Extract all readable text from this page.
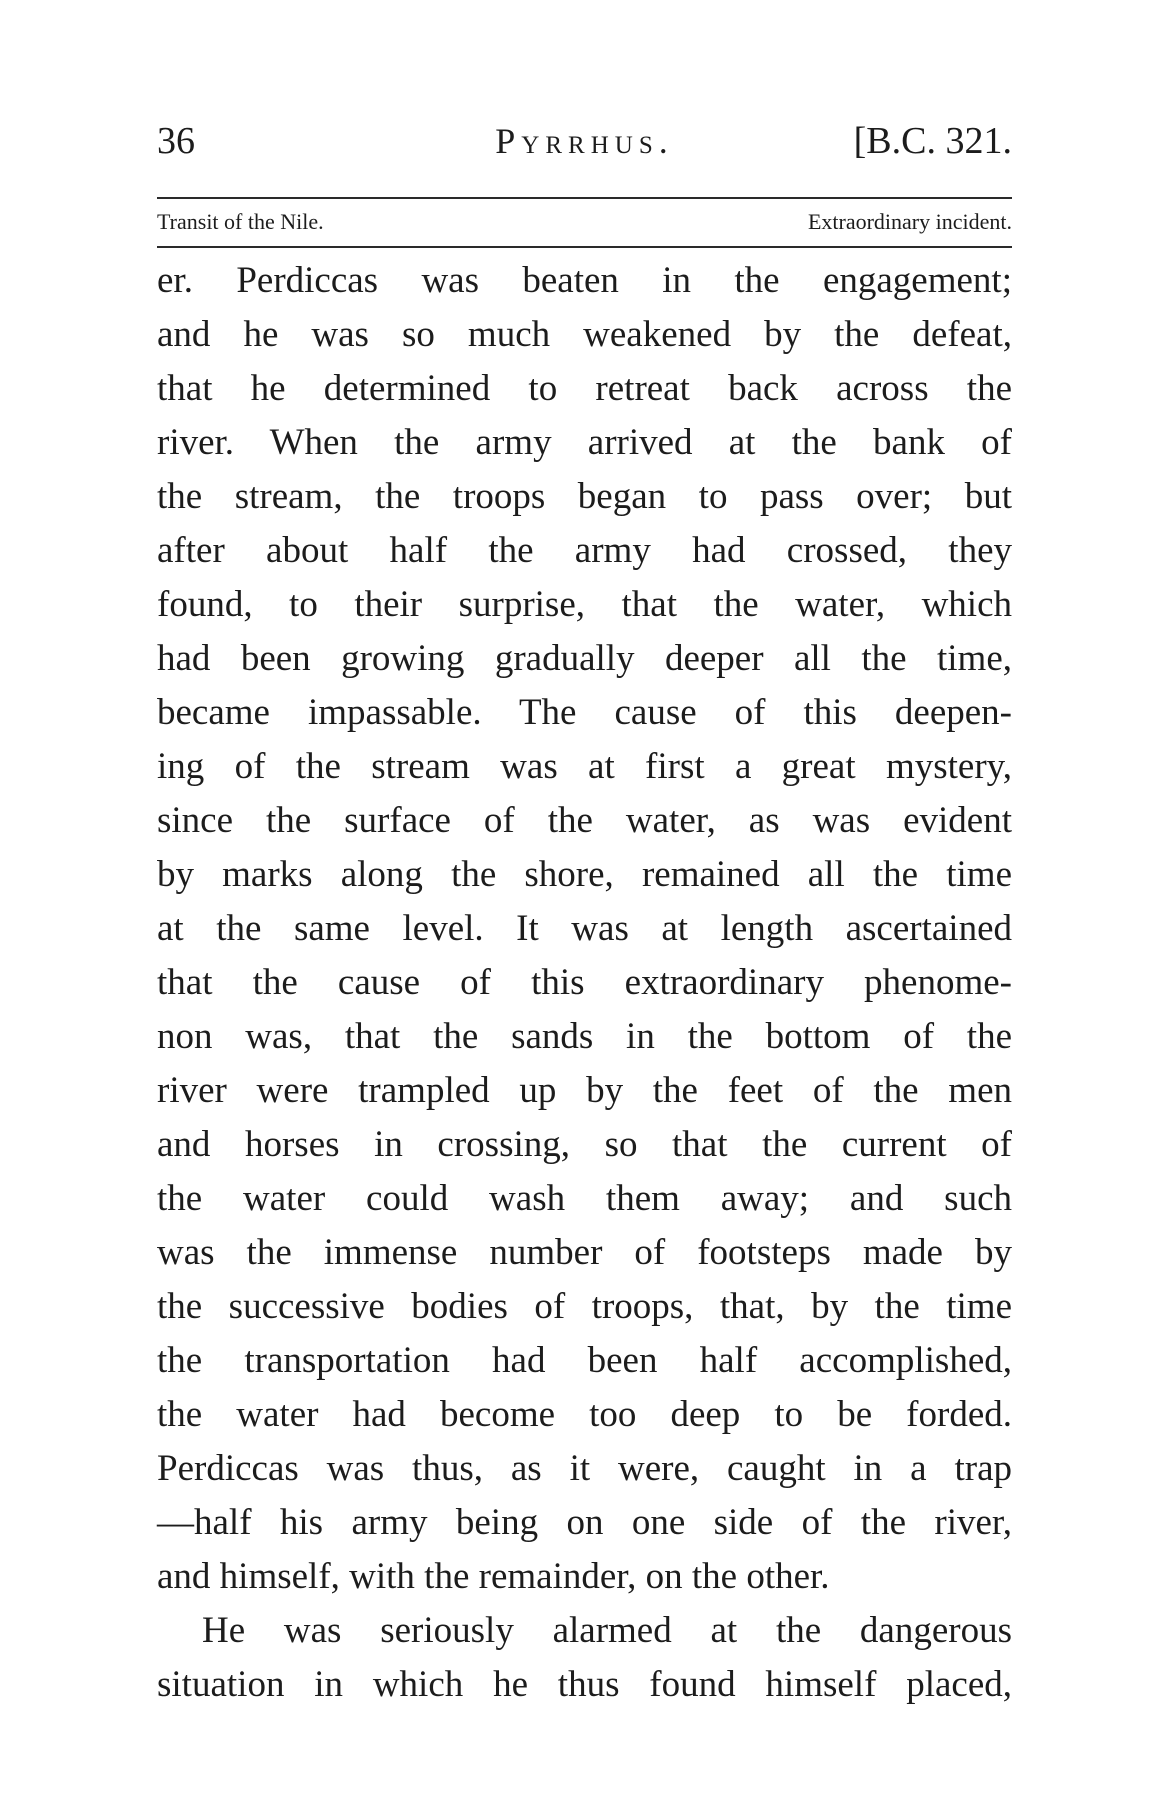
Pyrrhus.
36	[B.C. 321.
Transit of the Nile.	Extraordinary incident.
er. Perdiccas was beaten in the engagement;
and he was so much weakened by the defeat,
that he determined to retreat back across the
river. When the army arrived at the bank of
the stream, the troops began to pass over; but
after about half the army had crossed, they
found, to their surprise, that the water, which
had been growing gradually deeper all the time,
became impassable. The cause of this deepen-
ing of the stream was at first a great mystery,
since the surface of the water, as was evident
by marks along the shore, remained all the time
at the same level. It was at length ascertained
that the cause of this extraordinary phenome-
non was, that the sands in the bottom of the
river were trampled up by the feet of the men
and horses in crossing, so that the current of
the water could wash them away; and such
was the immense number of footsteps made by
the successive bodies of troops, that, by the time
the transportation had been half accomplished,
the water had become too deep to be forded.
Perdiccas was thus, as it were, caught in a trap
—half his army being on one side of the river,
and himself, with the remainder, on the other.
He was seriously alarmed at the dangerous
situation in which he thus found himself placed,
